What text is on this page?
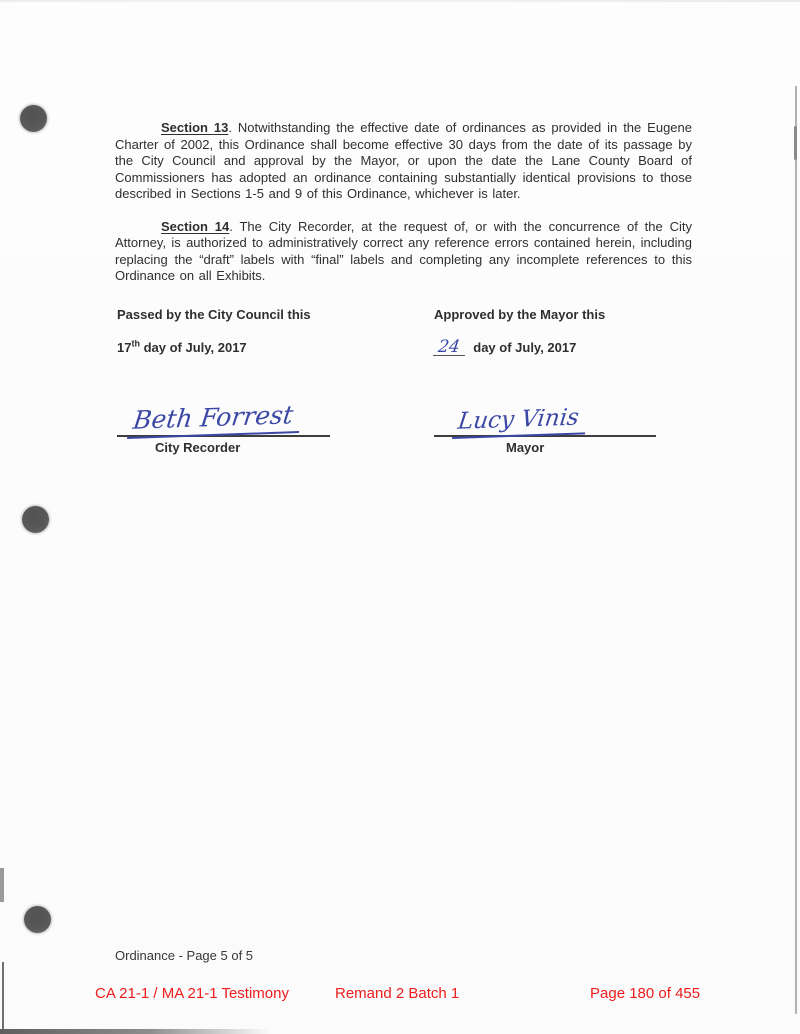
Section 13. Notwithstanding the effective date of ordinances as provided in the Eugene Charter of 2002, this Ordinance shall become effective 30 days from the date of its passage by the City Council and approval by the Mayor, or upon the date the Lane County Board of Commissioners has adopted an ordinance containing substantially identical provisions to those described in Sections 1-5 and 9 of this Ordinance, whichever is later.

Section 14. The City Recorder, at the request of, or with the concurrence of the City Attorney, is authorized to administratively correct any reference errors contained herein, including replacing the “draft” labels with “final” labels and completing any incomplete references to this Ordinance on all Exhibits.

Passed by the City Council this
17th day of July, 2017
Approved by the Mayor this
24 day of July, 2017
Beth Forrest
City Recorder
Lucy Vinis
Mayor
Ordinance - Page 5 of 5
CA 21-1 / MA 21-1 Testimony	Remand 2 Batch 1	Page 180 of 455
